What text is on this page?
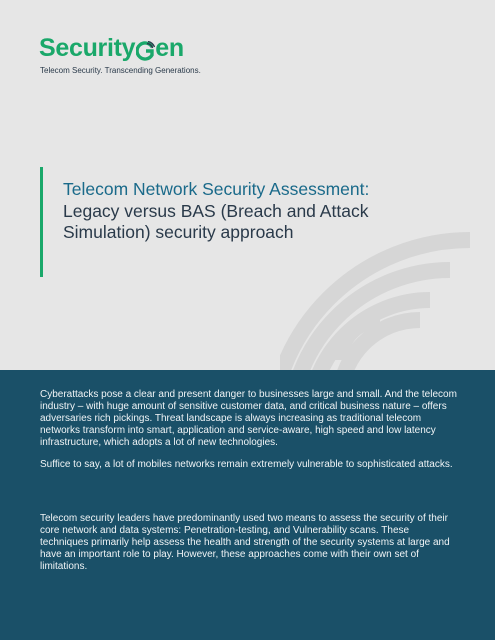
Security en
Telecom Security. Transcending Generations.

Telecom Network Security Assessment: Legacy versus BAS (Breach and Attack Simulation) security approach

Cyberattacks pose a clear and present danger to businesses large and small. And the telecom industry – with huge amount of sensitive customer data, and critical business nature – offers adversaries rich pickings. Threat landscape is always increasing as traditional telecom networks transform into smart, application and service-aware, high speed and low latency infrastructure, which adopts a lot of new technologies.

Suffice to say, a lot of mobiles networks remain extremely vulnerable to sophisticated attacks.

Telecom security leaders have predominantly used two means to assess the security of their core network and data systems: Penetration-testing, and Vulnerability scans. These techniques primarily help assess the health and strength of the security systems at large and have an important role to play. However, these approaches come with their own set of limitations.
